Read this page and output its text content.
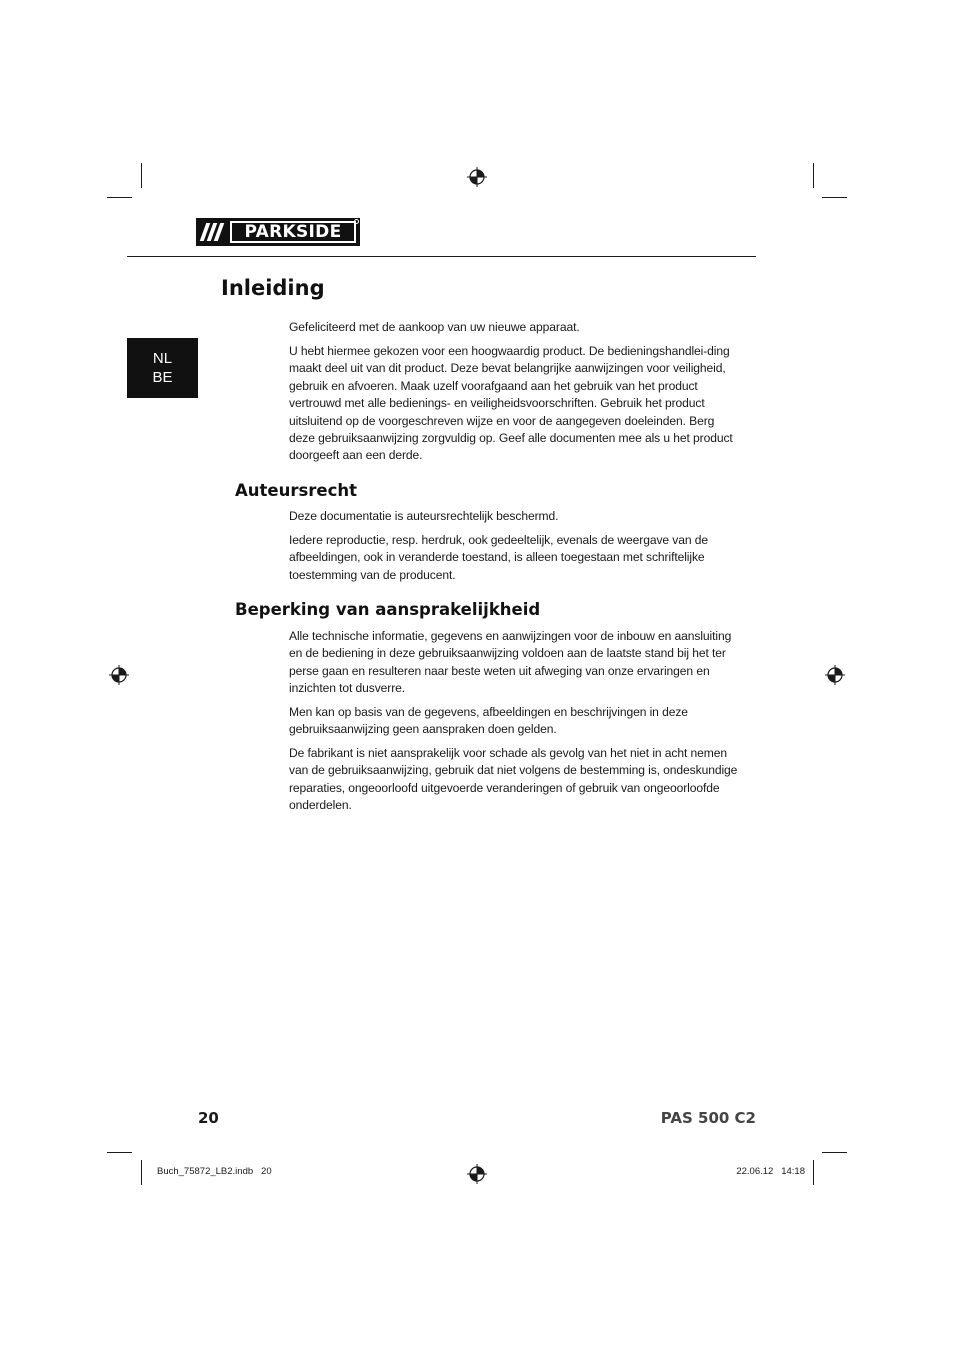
PARKSIDE
NL
BE
Inleiding

Gefeliciteerd met de aankoop van uw nieuwe apparaat.

U hebt hiermee gekozen voor een hoogwaardig product. De bedieningshandlei-ding maakt deel uit van dit product. Deze bevat belangrijke aanwijzingen voor veiligheid, gebruik en afvoeren. Maak uzelf voorafgaand aan het gebruik van het product vertrouwd met alle bedienings- en veiligheidsvoorschriften. Gebruik het product uitsluitend op de voorgeschreven wijze en voor de aangegeven doeleinden. Berg deze gebruiksaanwijzing zorgvuldig op. Geef alle documenten mee als u het product doorgeeft aan een derde.

Auteursrecht

Deze documentatie is auteursrechtelijk beschermd.

Iedere reproductie, resp. herdruk, ook gedeeltelijk, evenals de weergave van de afbeeldingen, ook in veranderde toestand, is alleen toegestaan met schriftelijke toestemming van de producent.

Beperking van aansprakelijkheid

Alle technische informatie, gegevens en aanwijzingen voor de inbouw en aansluiting en de bediening in deze gebruiksaanwijzing voldoen aan de laatste stand bij het ter perse gaan en resulteren naar beste weten uit afweging van onze ervaringen en inzichten tot dusverre.

Men kan op basis van de gegevens, afbeeldingen en beschrijvingen in deze gebruiksaanwijzing geen aanspraken doen gelden.

De fabrikant is niet aansprakelijk voor schade als gevolg van het niet in acht nemen van de gebruiksaanwijzing, gebruik dat niet volgens de bestemming is, ondeskundige reparaties, ongeoorloofd uitgevoerde veranderingen of gebruik van ongeoorloofde onderdelen.

20	PAS 500 C2
Buch_75872_LB2.indb   20	22.06.12   14:18
